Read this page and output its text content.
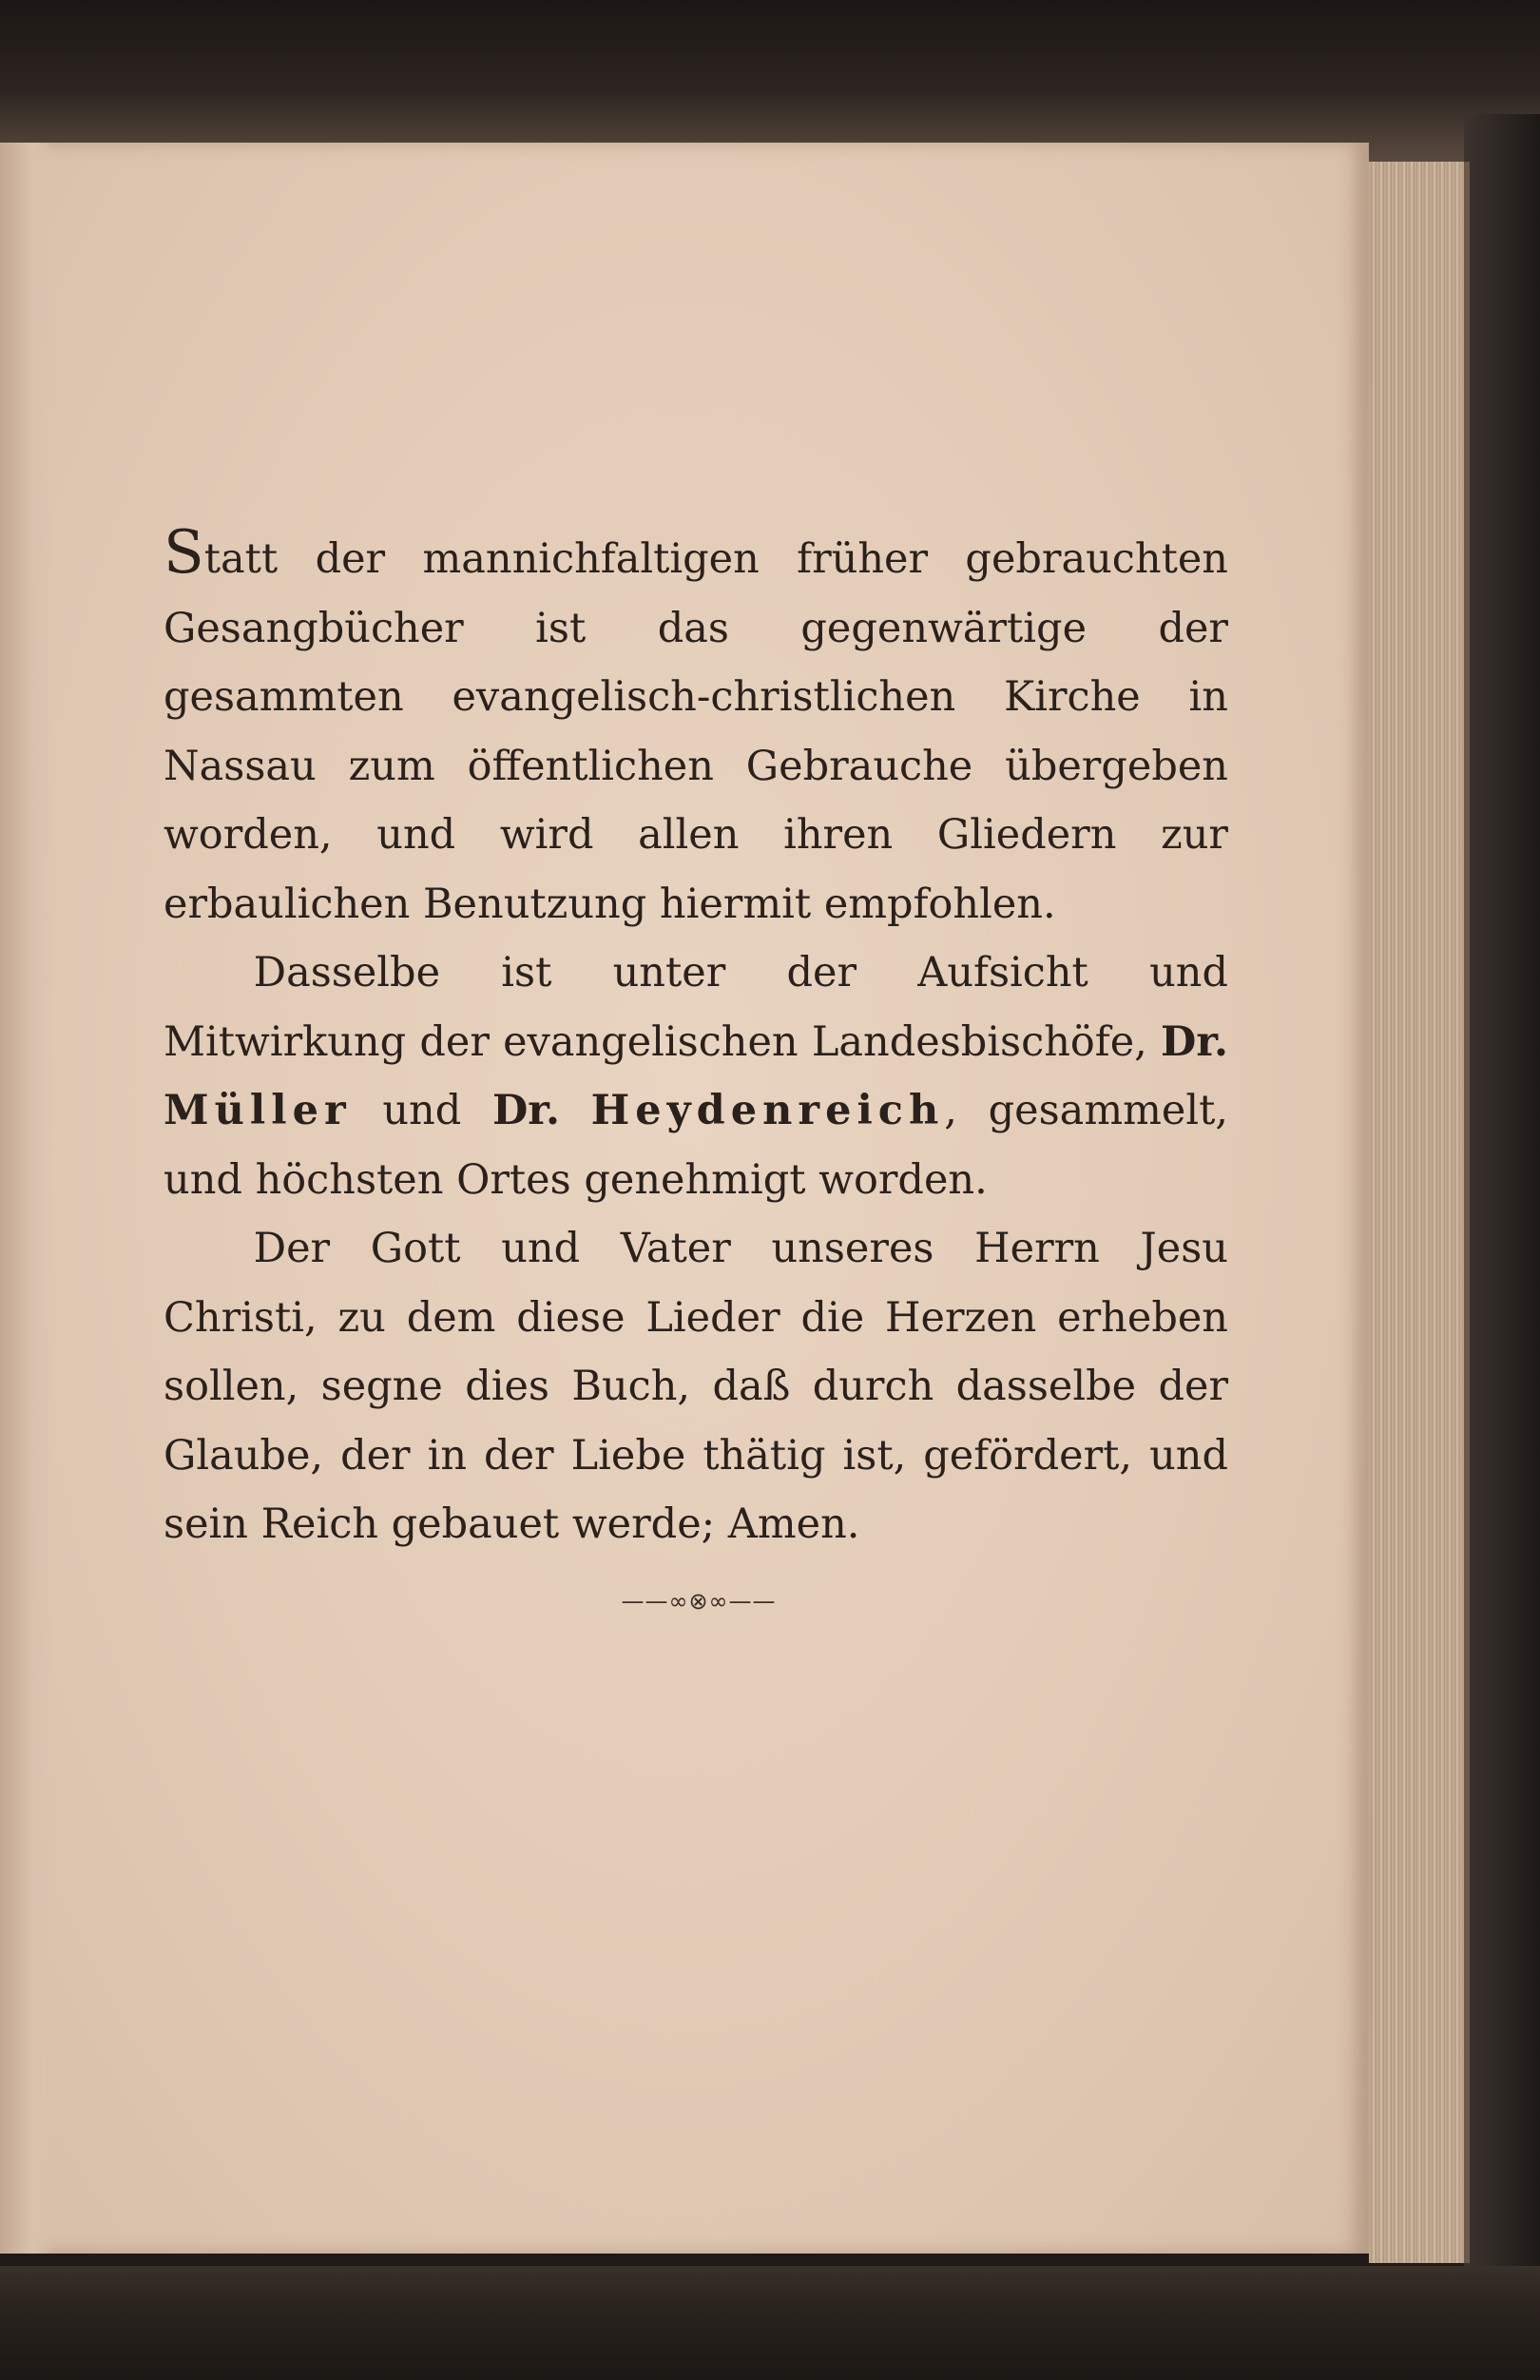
Statt der mannichfaltigen früher gebrauchten Gesangbücher ist das gegenwärtige der gesammten evangelisch-christlichen Kirche in Nassau zum öffentlichen Gebrauche übergeben worden, und wird allen ihren Gliedern zur erbaulichen Benutzung hiermit empfohlen.

Dasselbe ist unter der Aufsicht und Mitwirkung der evangelischen Landesbischöfe, Dr. Müller und Dr. Heydenreich, gesammelt, und höchsten Ortes genehmigt worden.

Der Gott und Vater unseres Herrn Jesu Christi, zu dem diese Lieder die Herzen erheben sollen, segne dies Buch, daß durch dasselbe der Glaube, der in der Liebe thätig ist, gefördert, und sein Reich gebauet werde; Amen.

——∞⊗∞——
